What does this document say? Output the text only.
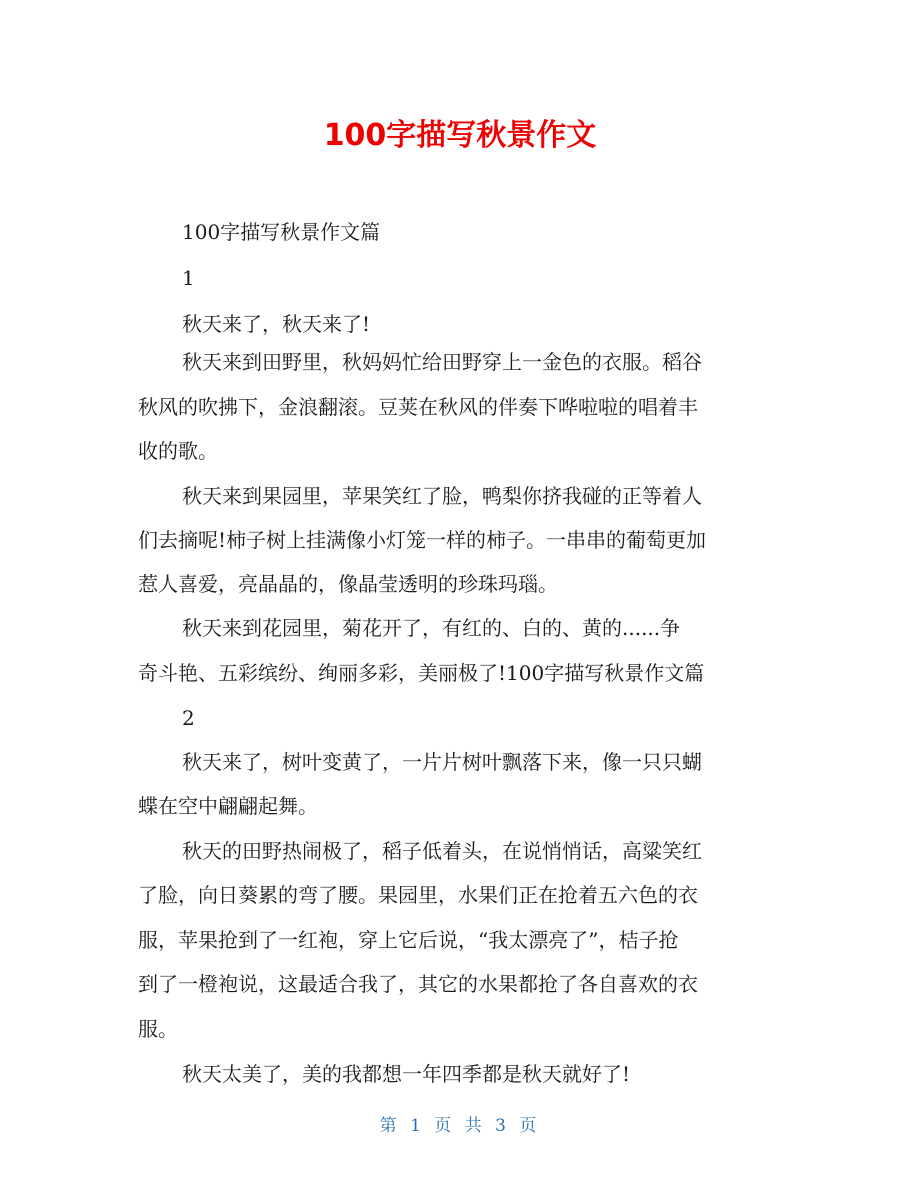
100字描写秋景作文
100字描写秋景作文篇
1
秋天来了，秋天来了!
秋天来到田野里，秋妈妈忙给田野穿上一金色的衣服。稻谷
秋风的吹拂下，金浪翻滚。豆荚在秋风的伴奏下哗啦啦的唱着丰
收的歌。
秋天来到果园里，苹果笑红了脸，鸭梨你挤我碰的正等着人
们去摘呢!柿子树上挂满像小灯笼一样的柿子。一串串的葡萄更加
惹人喜爱，亮晶晶的，像晶莹透明的珍珠玛瑙。
秋天来到花园里，菊花开了，有红的、白的、黄的......争
奇斗艳、五彩缤纷、绚丽多彩，美丽极了!100字描写秋景作文篇
2
秋天来了，树叶变黄了，一片片树叶飘落下来，像一只只蝴
蝶在空中翩翩起舞。
秋天的田野热闹极了，稻子低着头，在说悄悄话，高粱笑红
了脸，向日葵累的弯了腰。果园里，水果们正在抢着五六色的衣
服，苹果抢到了一红袍，穿上它后说，“我太漂亮了”，桔子抢
到了一橙袍说，这最适合我了，其它的水果都抢了各自喜欢的衣
服。
秋天太美了，美的我都想一年四季都是秋天就好了!
第 1 页 共 3 页
